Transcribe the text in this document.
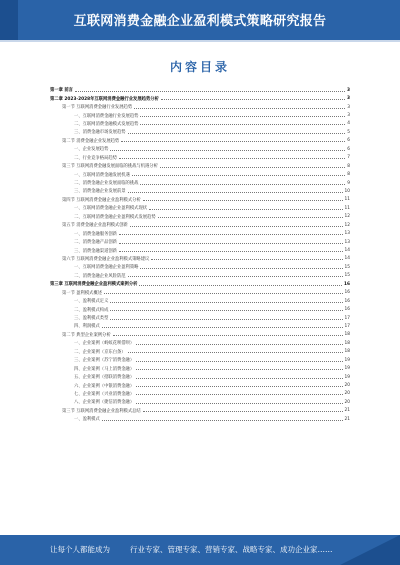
互联网消费金融企业盈利模式策略研究报告
内容目录
第一章 前言	3
第二章 2023-2028年互联网消费金融行业发展趋势分析	3
第一节 互联网消费金融行业发展趋势	3
一、互联网消费金融行业发展趋势	3
二、互联网消费金融模式发展趋势	4
三、消费金融市场发展趋势	5
第二节 消费金融企业发展趋势	6
一、企业发展趋势	6
二、行业竞争格局趋势	7
第三节 互联网消费金融发展面临的挑战与机遇分析	8
一、互联网消费金融发展机遇	8
二、消费金融企业发展面临的挑战	9
三、消费金融企业发展前景	10
第四节 互联网消费金融企业盈利模式分析	11
一、互联网消费金融企业盈利模式现状	11
二、互联网消费金融企业盈利模式发展趋势	12
第五节 消费金融企业盈利模式创新	12
一、消费金融服务创新	13
二、消费金融产品创新	13
三、消费金融渠道创新	14
第六节 互联网消费金融企业盈利模式策略建议	14
一、互联网消费金融企业盈利策略	15
二、消费金融企业风险防范	15
第三章 互联网消费金融企业盈利模式案例分析	16
第一节 盈利模式概述	16
一、盈利模式定义	16
二、盈利模式构成	16
三、盈利模式类型	17
四、利润模式	17
第二节 典型企业案例分析	18
一、企业案例（蚂蚁花呗借呗）	18
二、企业案例（京东白条）	18
三、企业案例（苏宁消费金融）	19
四、企业案例（马上消费金融）	19
五、企业案例（招联消费金融）	19
六、企业案例（中银消费金融）	20
七、企业案例（兴业消费金融）	20
八、企业案例（捷信消费金融）	20
第三节 互联网消费金融企业盈利模式总结	21
一、盈利模式	21
让每个人都能成为	行业专家、管理专家、营销专家、战略专家、成功企业家……
